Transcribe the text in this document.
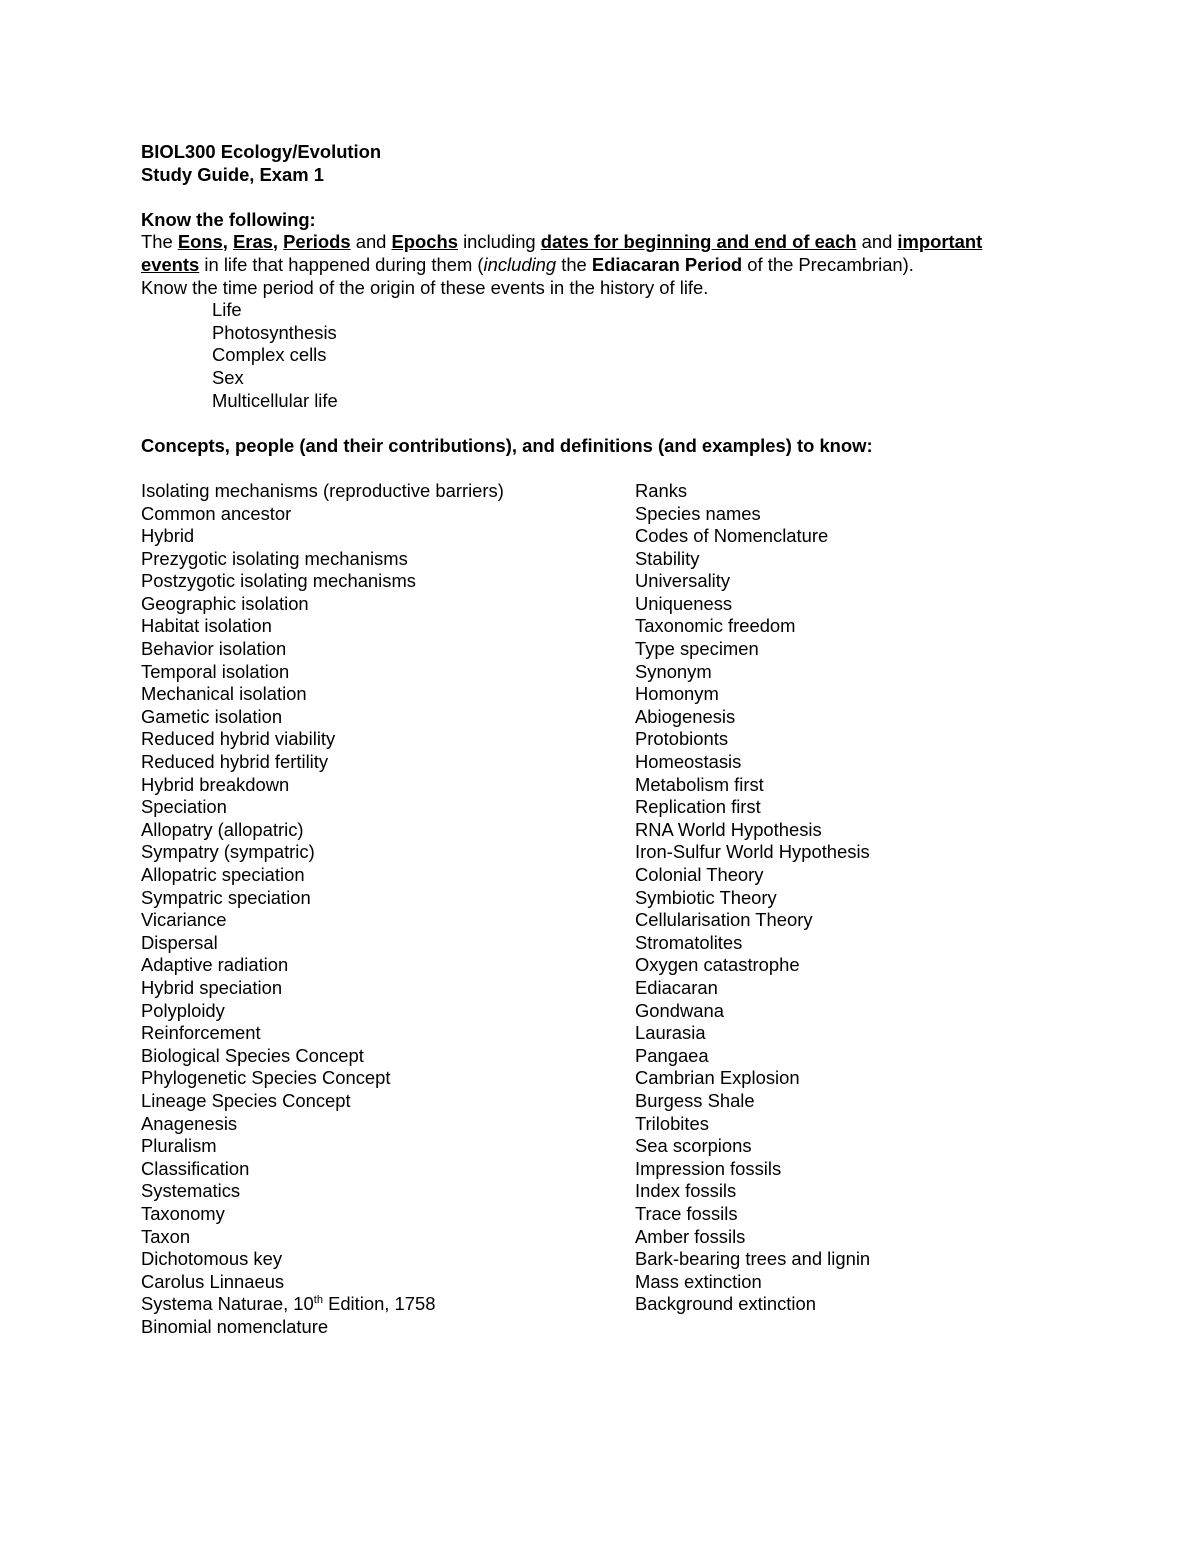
BIOL300 Ecology/Evolution
Study Guide, Exam 1
Know the following:
The Eons, Eras, Periods and Epochs including dates for beginning and end of each and important
events in life that happened during them (including the Ediacaran Period of the Precambrian).
Know the time period of the origin of these events in the history of life.
Life
Photosynthesis
Complex cells
Sex
Multicellular life
Concepts, people (and their contributions), and definitions (and examples) to know:
Isolating mechanisms (reproductive barriers)
Common ancestor
Hybrid
Prezygotic isolating mechanisms
Postzygotic isolating mechanisms
Geographic isolation
Habitat isolation
Behavior isolation
Temporal isolation
Mechanical isolation
Gametic isolation
Reduced hybrid viability
Reduced hybrid fertility
Hybrid breakdown
Speciation
Allopatry (allopatric)
Sympatry (sympatric)
Allopatric speciation
Sympatric speciation
Vicariance
Dispersal
Adaptive radiation
Hybrid speciation
Polyploidy
Reinforcement
Biological Species Concept
Phylogenetic Species Concept
Lineage Species Concept
Anagenesis
Pluralism
Classification
Systematics
Taxonomy
Taxon
Dichotomous key
Carolus Linnaeus
Systema Naturae, 10th Edition, 1758
Binomial nomenclature
Ranks
Species names
Codes of Nomenclature
Stability
Universality
Uniqueness
Taxonomic freedom
Type specimen
Synonym
Homonym
Abiogenesis
Protobionts
Homeostasis
Metabolism first
Replication first
RNA World Hypothesis
Iron-Sulfur World Hypothesis
Colonial Theory
Symbiotic Theory
Cellularisation Theory
Stromatolites
Oxygen catastrophe
Ediacaran
Gondwana
Laurasia
Pangaea
Cambrian Explosion
Burgess Shale
Trilobites
Sea scorpions
Impression fossils
Index fossils
Trace fossils
Amber fossils
Bark-bearing trees and lignin
Mass extinction
Background extinction
